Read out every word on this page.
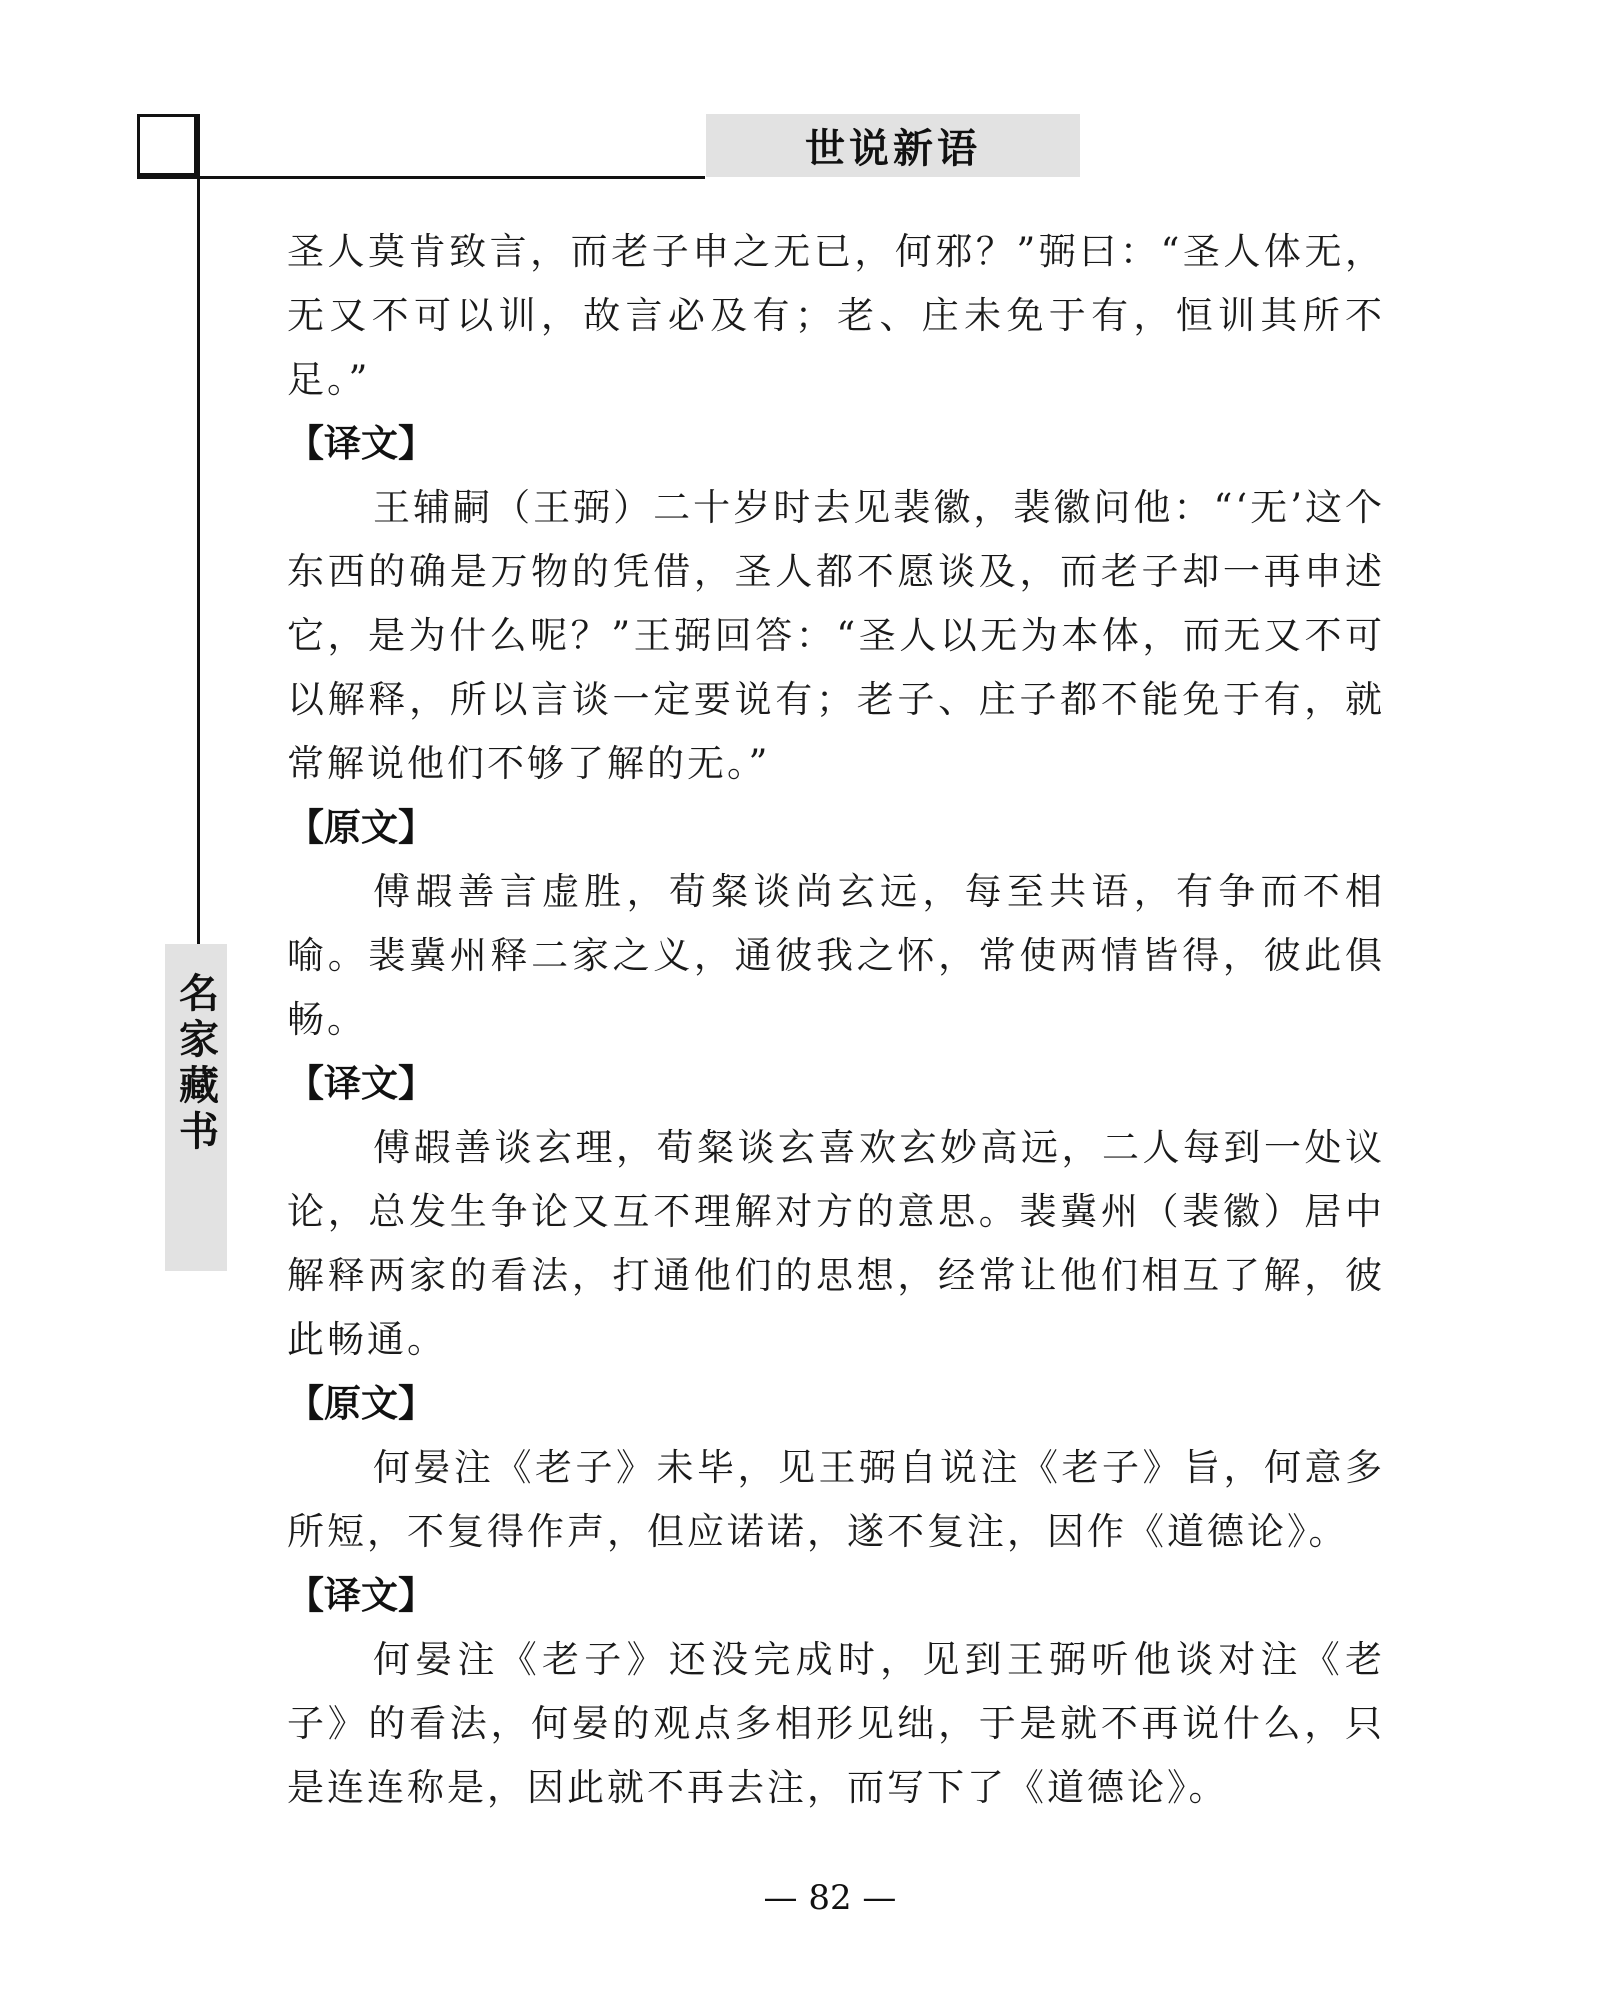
世说新语
名家藏书

圣人莫肯致言，而老子申之无已，何邪？”弼曰：“圣人体无，无又不可以训，故言必及有；老、庄未免于有，恒训其所不足。”

【译文】

王辅嗣（王弼）二十岁时去见裴徽，裴徽问他：“‘无’这个东西的确是万物的凭借，圣人都不愿谈及，而老子却一再申述它，是为什么呢？”王弼回答：“圣人以无为本体，而无又不可以解释，所以言谈一定要说有；老子、庄子都不能免于有，就常解说他们不够了解的无。”

【原文】

傅嘏善言虚胜，荀粲谈尚玄远，每至共语，有争而不相喻。裴冀州释二家之义，通彼我之怀，常使两情皆得，彼此俱畅。

【译文】

傅嘏善谈玄理，荀粲谈玄喜欢玄妙高远，二人每到一处议论，总发生争论又互不理解对方的意思。裴冀州（裴徽）居中解释两家的看法，打通他们的思想，经常让他们相互了解，彼此畅通。

【原文】

何晏注《老子》未毕，见王弼自说注《老子》旨，何意多所短，不复得作声，但应诺诺，遂不复注，因作《道德论》。

【译文】

何晏注《老子》还没完成时，见到王弼听他谈对注《老子》的看法，何晏的观点多相形见绌，于是就不再说什么，只是连连称是，因此就不再去注，而写下了《道德论》。

— 82 —
